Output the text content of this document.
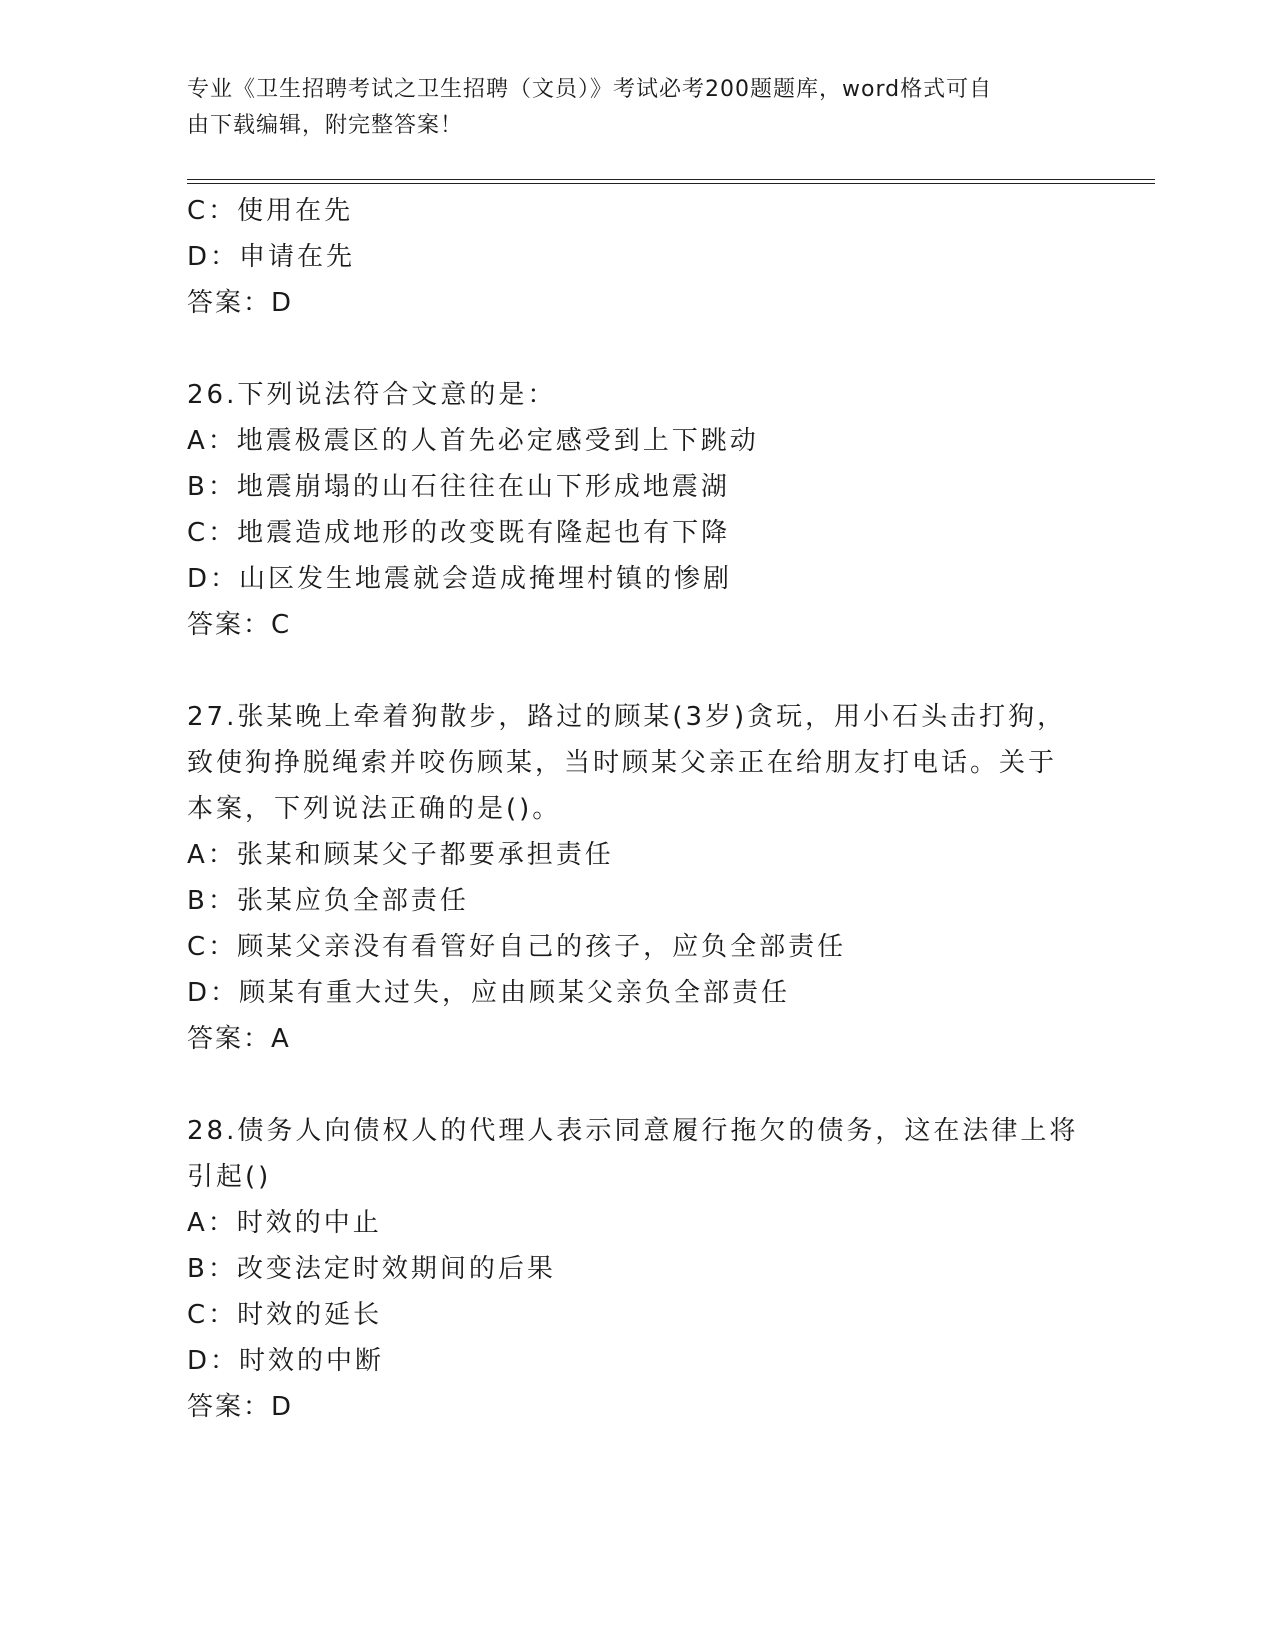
专业《卫生招聘考试之卫生招聘（文员）》考试必考200题题库，word格式可自
由下载编辑，附完整答案！
C：使用在先
D：申请在先
答案：D
26.下列说法符合文意的是：
A：地震极震区的人首先必定感受到上下跳动
B：地震崩塌的山石往往在山下形成地震湖
C：地震造成地形的改变既有隆起也有下降
D：山区发生地震就会造成掩埋村镇的惨剧
答案：C
27.张某晚上牵着狗散步，路过的顾某(3岁)贪玩，用小石头击打狗，
致使狗挣脱绳索并咬伤顾某，当时顾某父亲正在给朋友打电话。关于
本案，下列说法正确的是()。
A：张某和顾某父子都要承担责任
B：张某应负全部责任
C：顾某父亲没有看管好自己的孩子，应负全部责任
D：顾某有重大过失，应由顾某父亲负全部责任
答案：A
28.债务人向债权人的代理人表示同意履行拖欠的债务，这在法律上将
引起()
A：时效的中止
B：改变法定时效期间的后果
C：时效的延长
D：时效的中断
答案：D
